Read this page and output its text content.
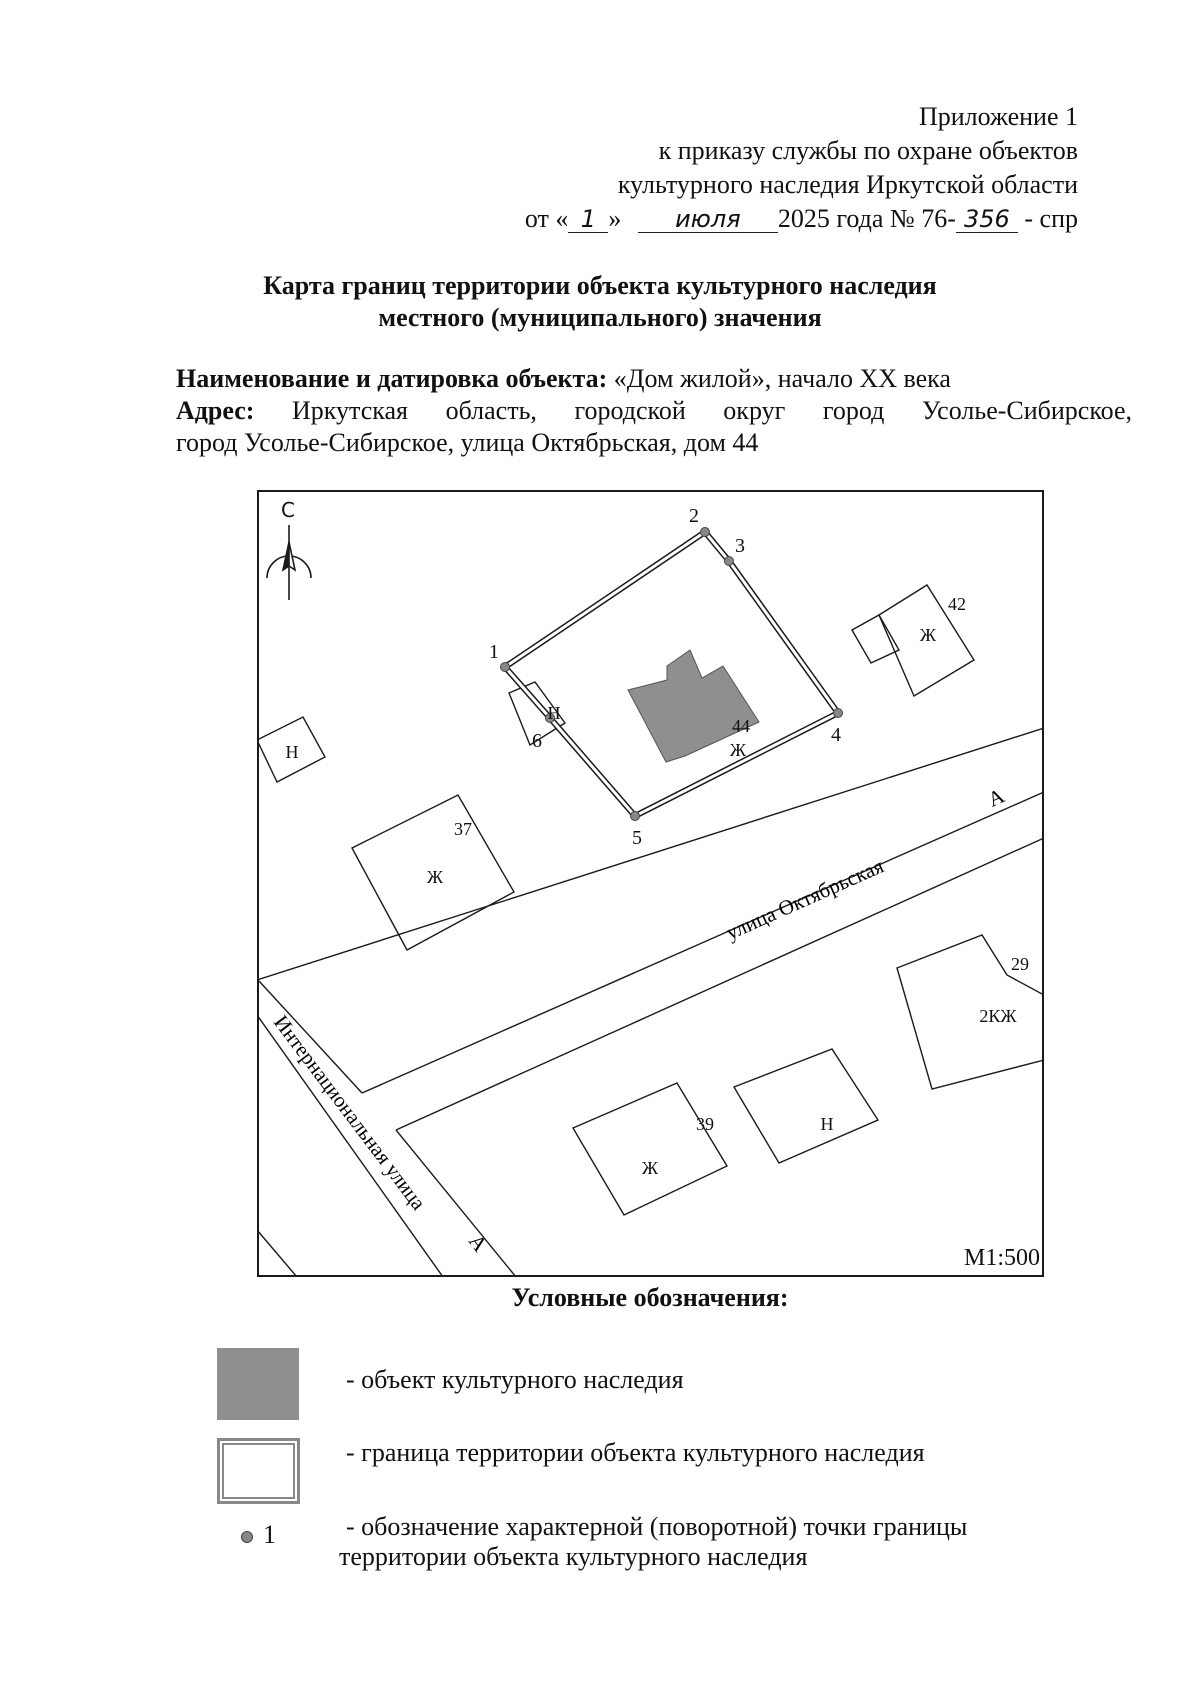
Приложение 1
к приказу службы по охране объектов
культурного наследия Иркутской области
от « 1 » июля 2025 года № 76- 356 - спр
Карта границ территории объекта культурного наследия
местного (муниципального) значения
Наименование и датировка объекта: «Дом жилой», начало XX века
Адрес: Иркутская область, городской округ город Усолье-Сибирское,
город Усолье-Сибирское, улица Октябрьская, дом 44
1
2
3
4
5
6
44
Ж
Н
42
Ж
Н
37
Ж
29
2КЖ
Н
39
Ж
улица Октябрьская
Интернациональная улица
А
А
С
М1:500
Условные обозначения:
- объект культурного наследия
- граница территории объекта культурного наследия
1	- обозначение характерной (поворотной) точки границы
территории объекта культурного наследия
